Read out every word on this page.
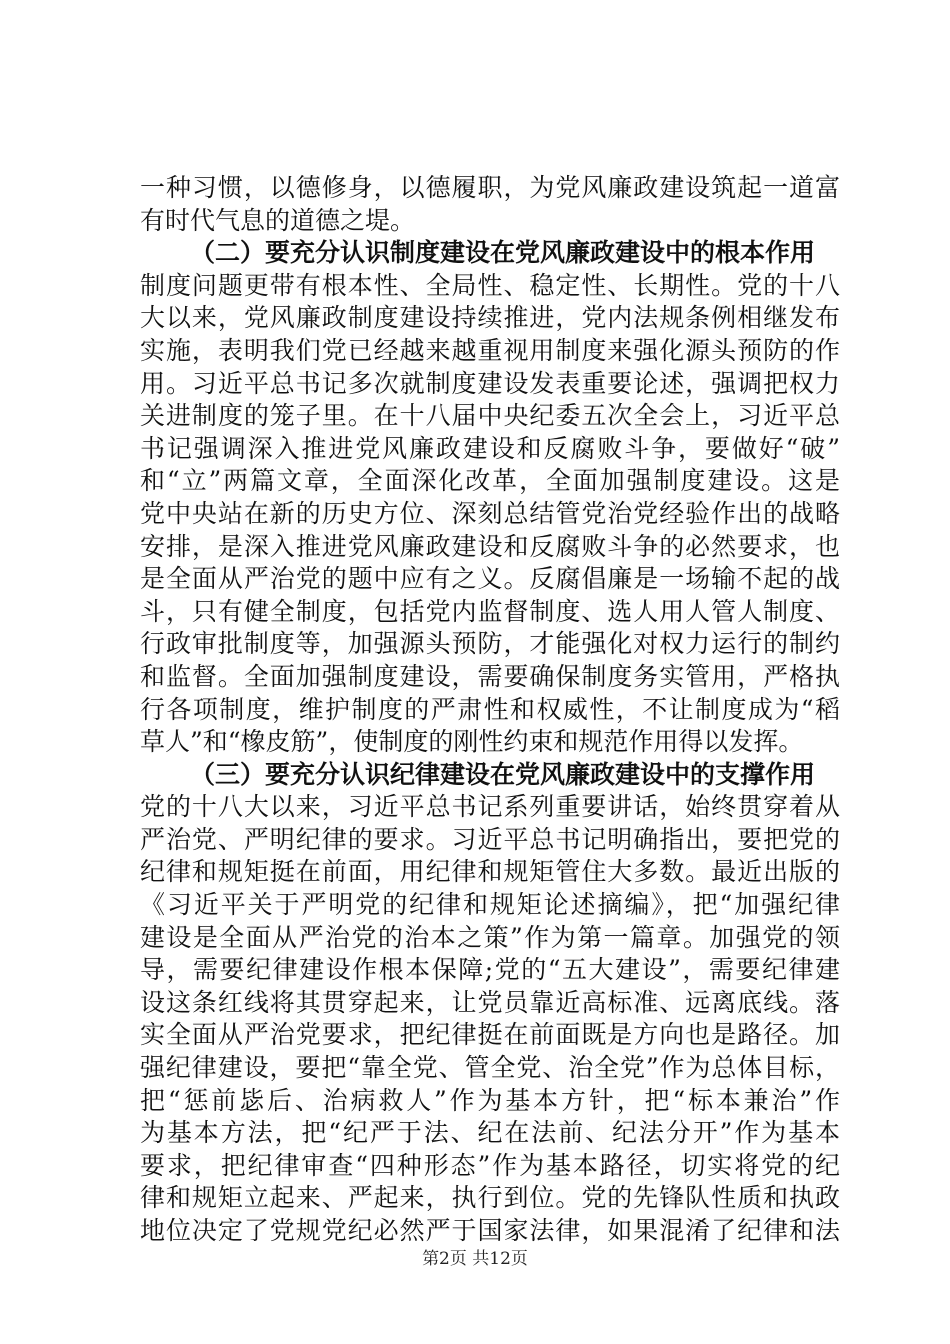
一种习惯，以德修身，以德履职，为党风廉政建设筑起一道富
有时代气息的道德之堤。
（二）要充分认识制度建设在党风廉政建设中的根本作用
制度问题更带有根本性、全局性、稳定性、长期性。党的十八
大以来，党风廉政制度建设持续推进，党内法规条例相继发布
实施，表明我们党已经越来越重视用制度来强化源头预防的作
用。习近平总书记多次就制度建设发表重要论述，强调把权力
关进制度的笼子里。在十八届中央纪委五次全会上，习近平总
书记强调深入推进党风廉政建设和反腐败斗争，要做好“破”
和“立”两篇文章，全面深化改革，全面加强制度建设。这是
党中央站在新的历史方位、深刻总结管党治党经验作出的战略
安排，是深入推进党风廉政建设和反腐败斗争的必然要求，也
是全面从严治党的题中应有之义。反腐倡廉是一场输不起的战
斗，只有健全制度，包括党内监督制度、选人用人管人制度、
行政审批制度等，加强源头预防，才能强化对权力运行的制约
和监督。全面加强制度建设，需要确保制度务实管用，严格执
行各项制度，维护制度的严肃性和权威性，不让制度成为“稻
草人”和“橡皮筋”，使制度的刚性约束和规范作用得以发挥。
（三）要充分认识纪律建设在党风廉政建设中的支撑作用
党的十八大以来，习近平总书记系列重要讲话，始终贯穿着从
严治党、严明纪律的要求。习近平总书记明确指出，要把党的
纪律和规矩挺在前面，用纪律和规矩管住大多数。最近出版的
《习近平关于严明党的纪律和规矩论述摘编》，把“加强纪律
建设是全面从严治党的治本之策”作为第一篇章。加强党的领
导，需要纪律建设作根本保障;党的“五大建设”，需要纪律建
设这条红线将其贯穿起来，让党员靠近高标准、远离底线。落
实全面从严治党要求，把纪律挺在前面既是方向也是路径。加
强纪律建设，要把“靠全党、管全党、治全党”作为总体目标，
把“惩前毖后、治病救人”作为基本方针，把“标本兼治”作
为基本方法，把“纪严于法、纪在法前、纪法分开”作为基本
要求，把纪律审查“四种形态”作为基本路径，切实将党的纪
律和规矩立起来、严起来，执行到位。党的先锋队性质和执政
地位决定了党规党纪必然严于国家法律，如果混淆了纪律和法
第2页 共12页
